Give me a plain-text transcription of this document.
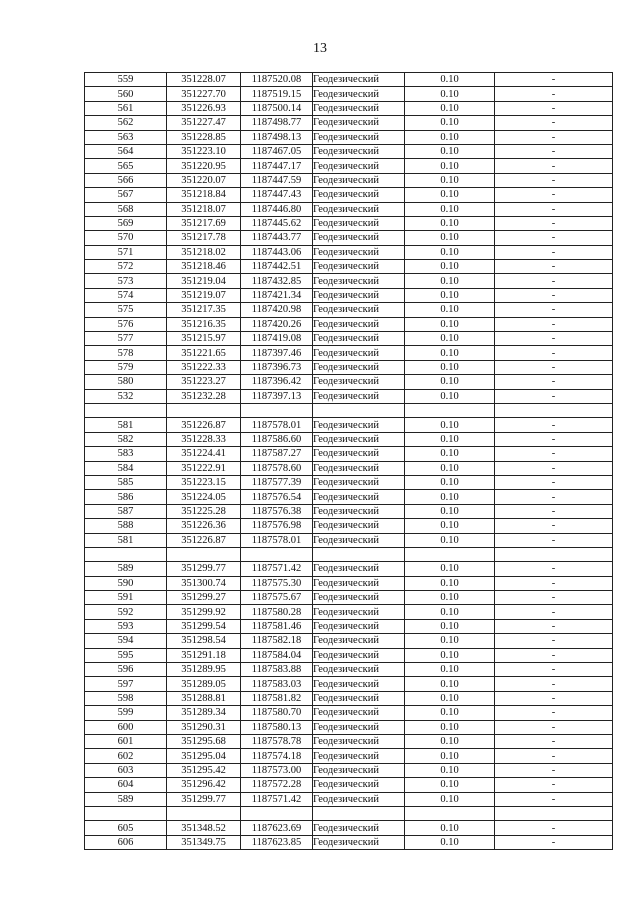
13
559	351228.07	1187520.08	Геодезический	0.10	-
560	351227.70	1187519.15	Геодезический	0.10	-
561	351226.93	1187500.14	Геодезический	0.10	-
562	351227.47	1187498.77	Геодезический	0.10	-
563	351228.85	1187498.13	Геодезический	0.10	-
564	351223.10	1187467.05	Геодезический	0.10	-
565	351220.95	1187447.17	Геодезический	0.10	-
566	351220.07	1187447.59	Геодезический	0.10	-
567	351218.84	1187447.43	Геодезический	0.10	-
568	351218.07	1187446.80	Геодезический	0.10	-
569	351217.69	1187445.62	Геодезический	0.10	-
570	351217.78	1187443.77	Геодезический	0.10	-
571	351218.02	1187443.06	Геодезический	0.10	-
572	351218.46	1187442.51	Геодезический	0.10	-
573	351219.04	1187432.85	Геодезический	0.10	-
574	351219.07	1187421.34	Геодезический	0.10	-
575	351217.35	1187420.98	Геодезический	0.10	-
576	351216.35	1187420.26	Геодезический	0.10	-
577	351215.97	1187419.08	Геодезический	0.10	-
578	351221.65	1187397.46	Геодезический	0.10	-
579	351222.33	1187396.73	Геодезический	0.10	-
580	351223.27	1187396.42	Геодезический	0.10	-
532	351232.28	1187397.13	Геодезический	0.10	-

581	351226.87	1187578.01	Геодезический	0.10	-
582	351228.33	1187586.60	Геодезический	0.10	-
583	351224.41	1187587.27	Геодезический	0.10	-
584	351222.91	1187578.60	Геодезический	0.10	-
585	351223.15	1187577.39	Геодезический	0.10	-
586	351224.05	1187576.54	Геодезический	0.10	-
587	351225.28	1187576.38	Геодезический	0.10	-
588	351226.36	1187576.98	Геодезический	0.10	-
581	351226.87	1187578.01	Геодезический	0.10	-

589	351299.77	1187571.42	Геодезический	0.10	-
590	351300.74	1187575.30	Геодезический	0.10	-
591	351299.27	1187575.67	Геодезический	0.10	-
592	351299.92	1187580.28	Геодезический	0.10	-
593	351299.54	1187581.46	Геодезический	0.10	-
594	351298.54	1187582.18	Геодезический	0.10	-
595	351291.18	1187584.04	Геодезический	0.10	-
596	351289.95	1187583.88	Геодезический	0.10	-
597	351289.05	1187583.03	Геодезический	0.10	-
598	351288.81	1187581.82	Геодезический	0.10	-
599	351289.34	1187580.70	Геодезический	0.10	-
600	351290.31	1187580.13	Геодезический	0.10	-
601	351295.68	1187578.78	Геодезический	0.10	-
602	351295.04	1187574.18	Геодезический	0.10	-
603	351295.42	1187573.00	Геодезический	0.10	-
604	351296.42	1187572.28	Геодезический	0.10	-
589	351299.77	1187571.42	Геодезический	0.10	-

605	351348.52	1187623.69	Геодезический	0.10	-
606	351349.75	1187623.85	Геодезический	0.10	-
